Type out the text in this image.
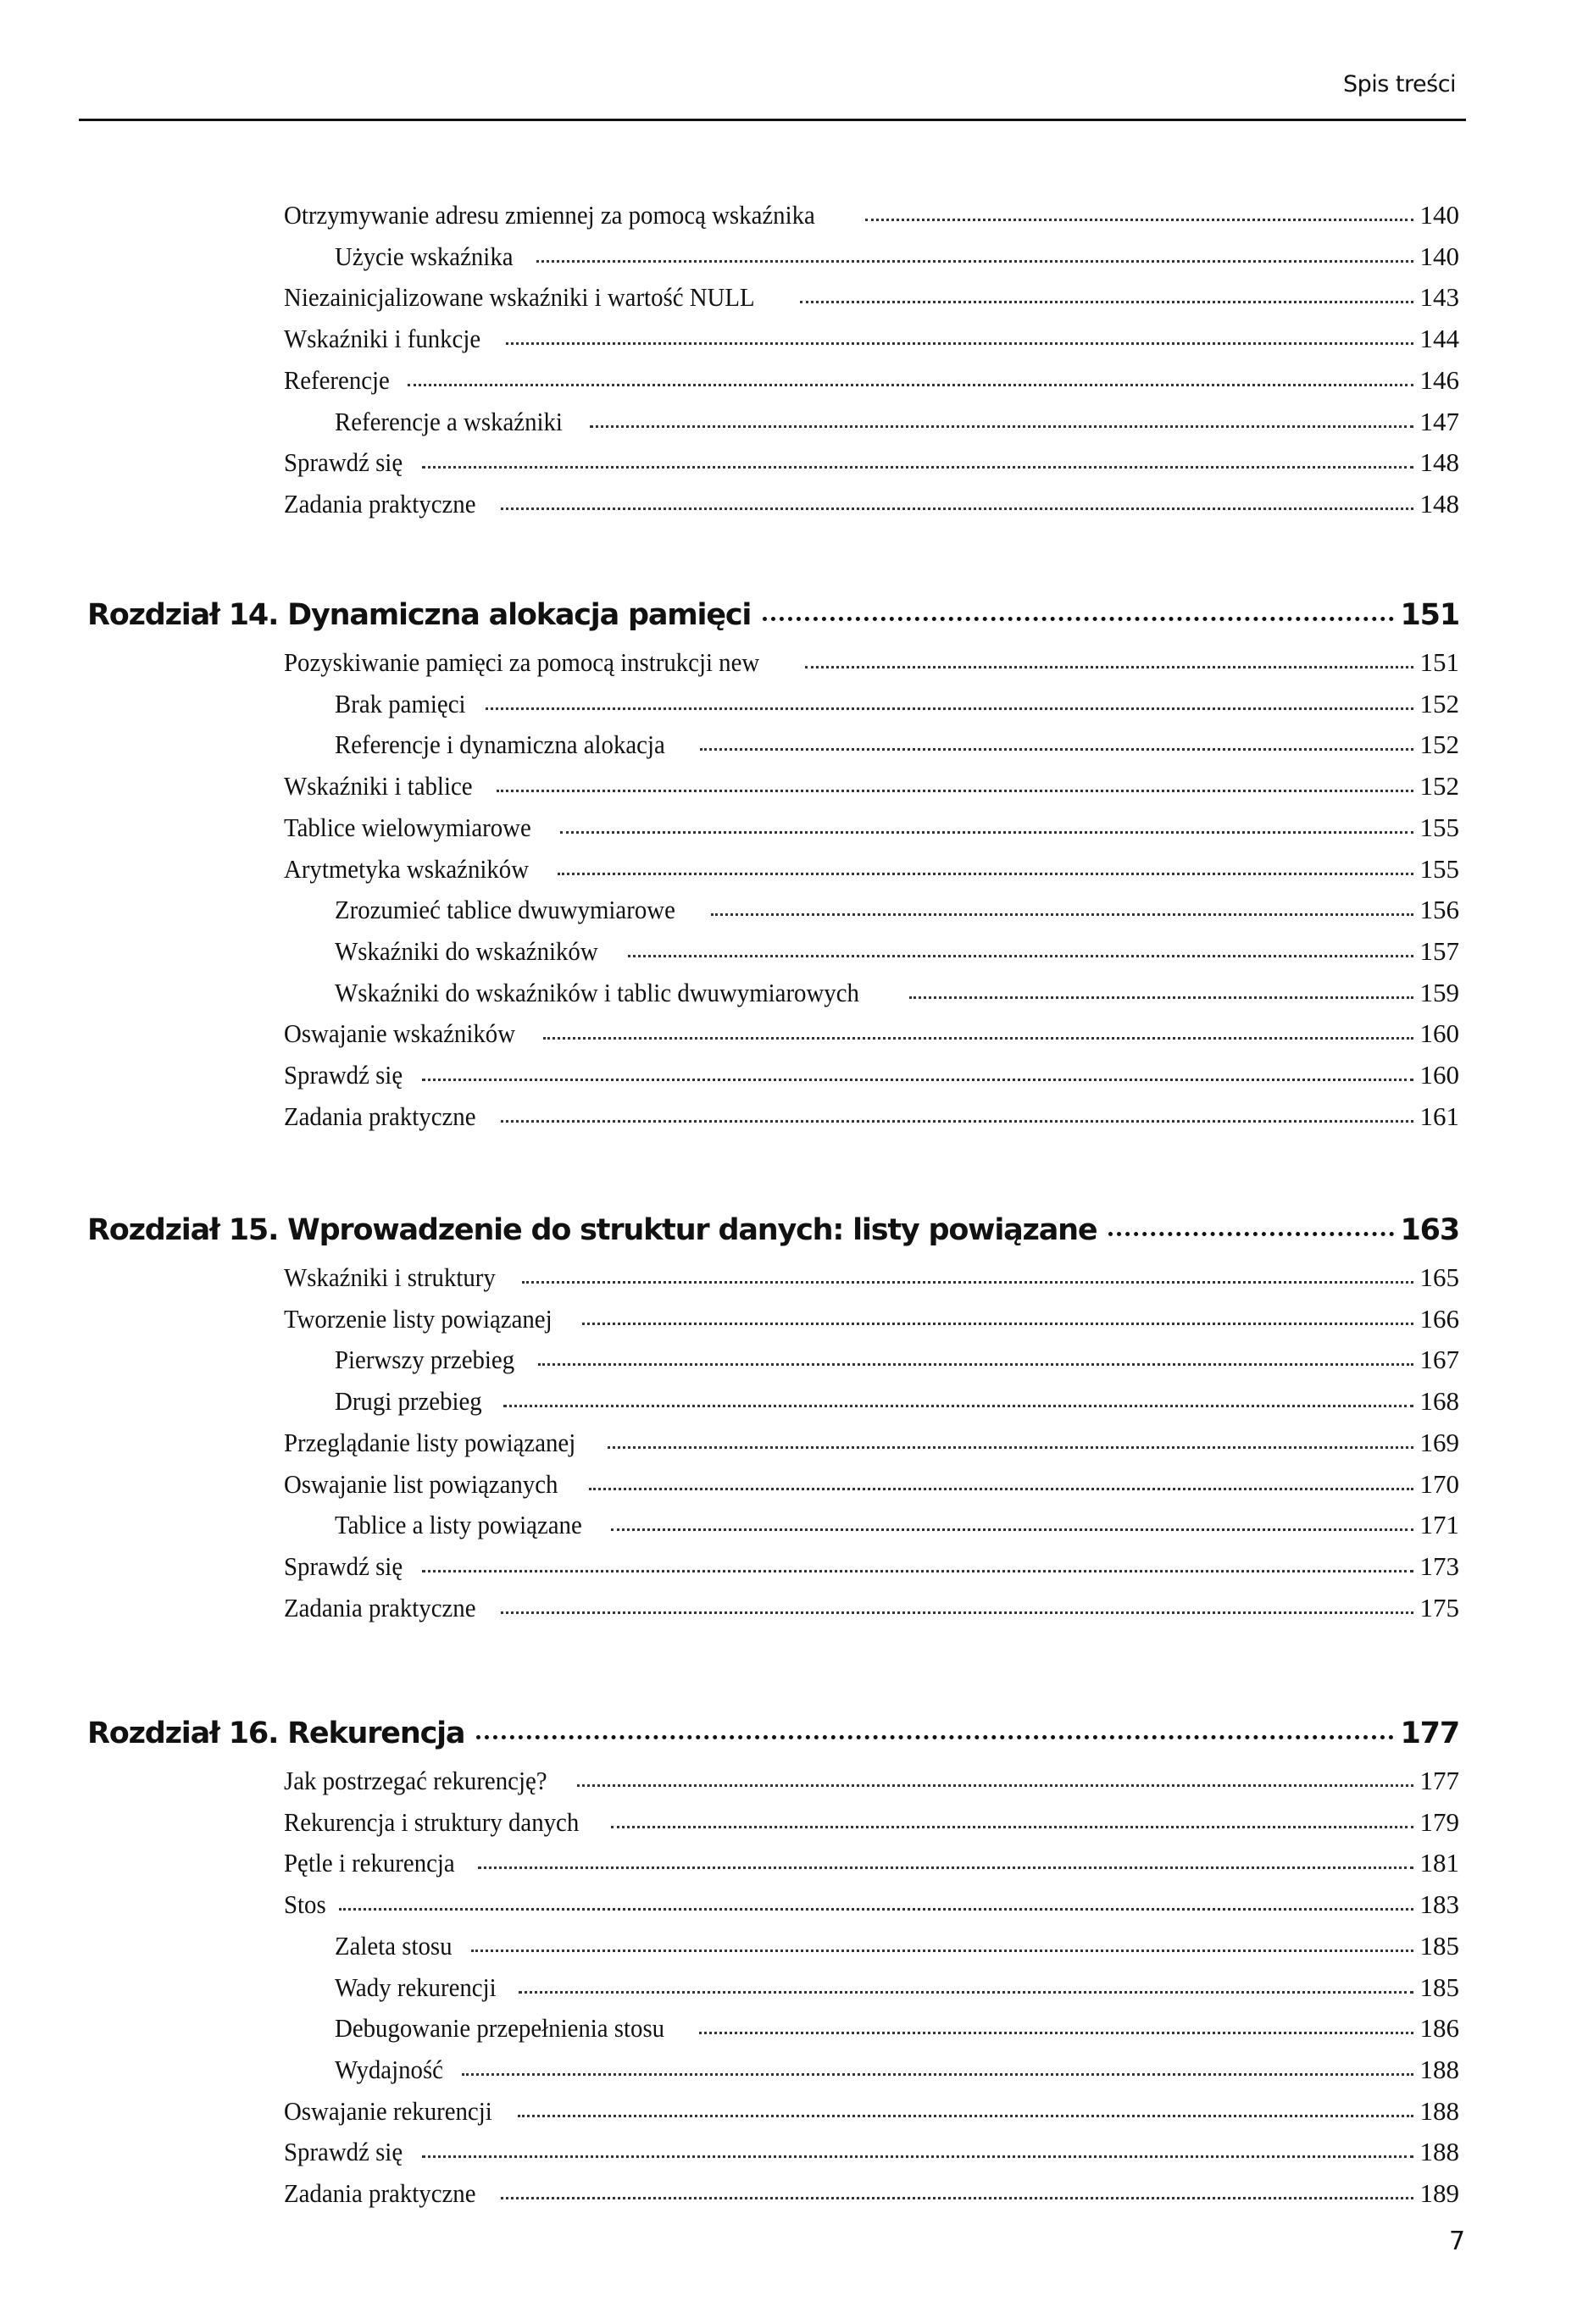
Spis treści
Otrzymywanie adresu zmiennej za pomocą wskaźnika	140
Użycie wskaźnika	140
Niezainicjalizowane wskaźniki i wartość NULL	143
Wskaźniki i funkcje	144
Referencje	146
Referencje a wskaźniki	147
Sprawdź się	148
Zadania praktyczne	148
Rozdział 14. Dynamiczna alokacja pamięci	151
Pozyskiwanie pamięci za pomocą instrukcji new	151
Brak pamięci	152
Referencje i dynamiczna alokacja	152
Wskaźniki i tablice	152
Tablice wielowymiarowe	155
Arytmetyka wskaźników	155
Zrozumieć tablice dwuwymiarowe	156
Wskaźniki do wskaźników	157
Wskaźniki do wskaźników i tablic dwuwymiarowych	159
Oswajanie wskaźników	160
Sprawdź się	160
Zadania praktyczne	161
Rozdział 15. Wprowadzenie do struktur danych: listy powiązane	163
Wskaźniki i struktury	165
Tworzenie listy powiązanej	166
Pierwszy przebieg	167
Drugi przebieg	168
Przeglądanie listy powiązanej	169
Oswajanie list powiązanych	170
Tablice a listy powiązane	171
Sprawdź się	173
Zadania praktyczne	175
Rozdział 16. Rekurencja	177
Jak postrzegać rekurencję?	177
Rekurencja i struktury danych	179
Pętle i rekurencja	181
Stos	183
Zaleta stosu	185
Wady rekurencji	185
Debugowanie przepełnienia stosu	186
Wydajność	188
Oswajanie rekurencji	188
Sprawdź się	188
Zadania praktyczne	189
7
